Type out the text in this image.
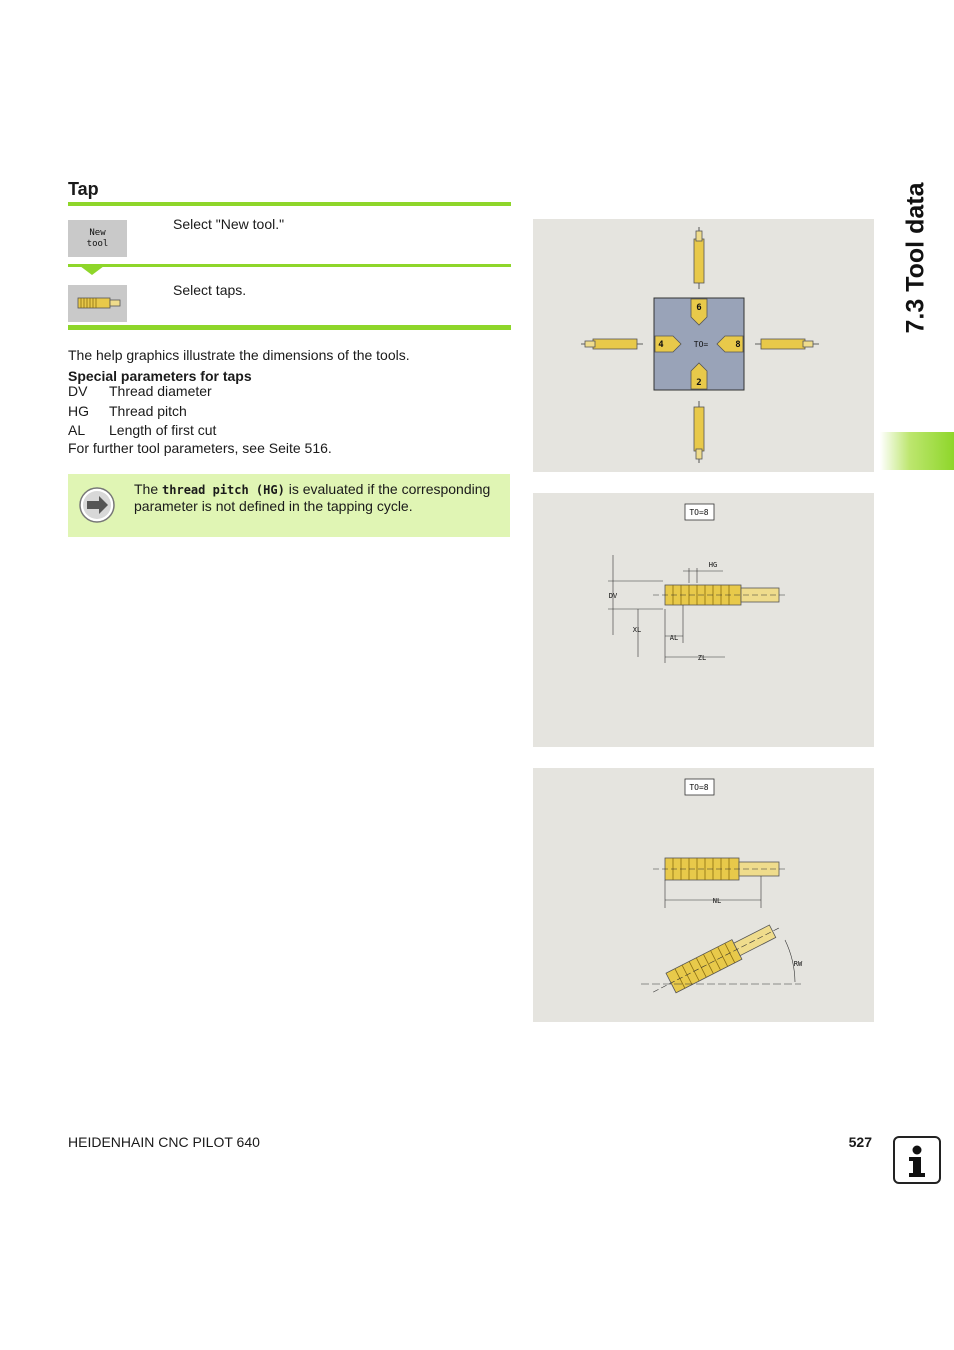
Tap
New
tool
Select "New tool."
Select taps.
The help graphics illustrate the dimensions of the tools.
Special parameters for taps
DV	Thread diameter
HG	Thread pitch
AL	Length of first cut
For further tool parameters, see Seite 516.
The thread pitch (HG) is evaluated if the corresponding parameter is not defined in the tapping cycle.
6
2
4	8
TO=
TO=8
DV
XL
AL
ZL
HG
TO=8
NL
RW
7.3 Tool data
HEIDENHAIN CNC PILOT 640	527
